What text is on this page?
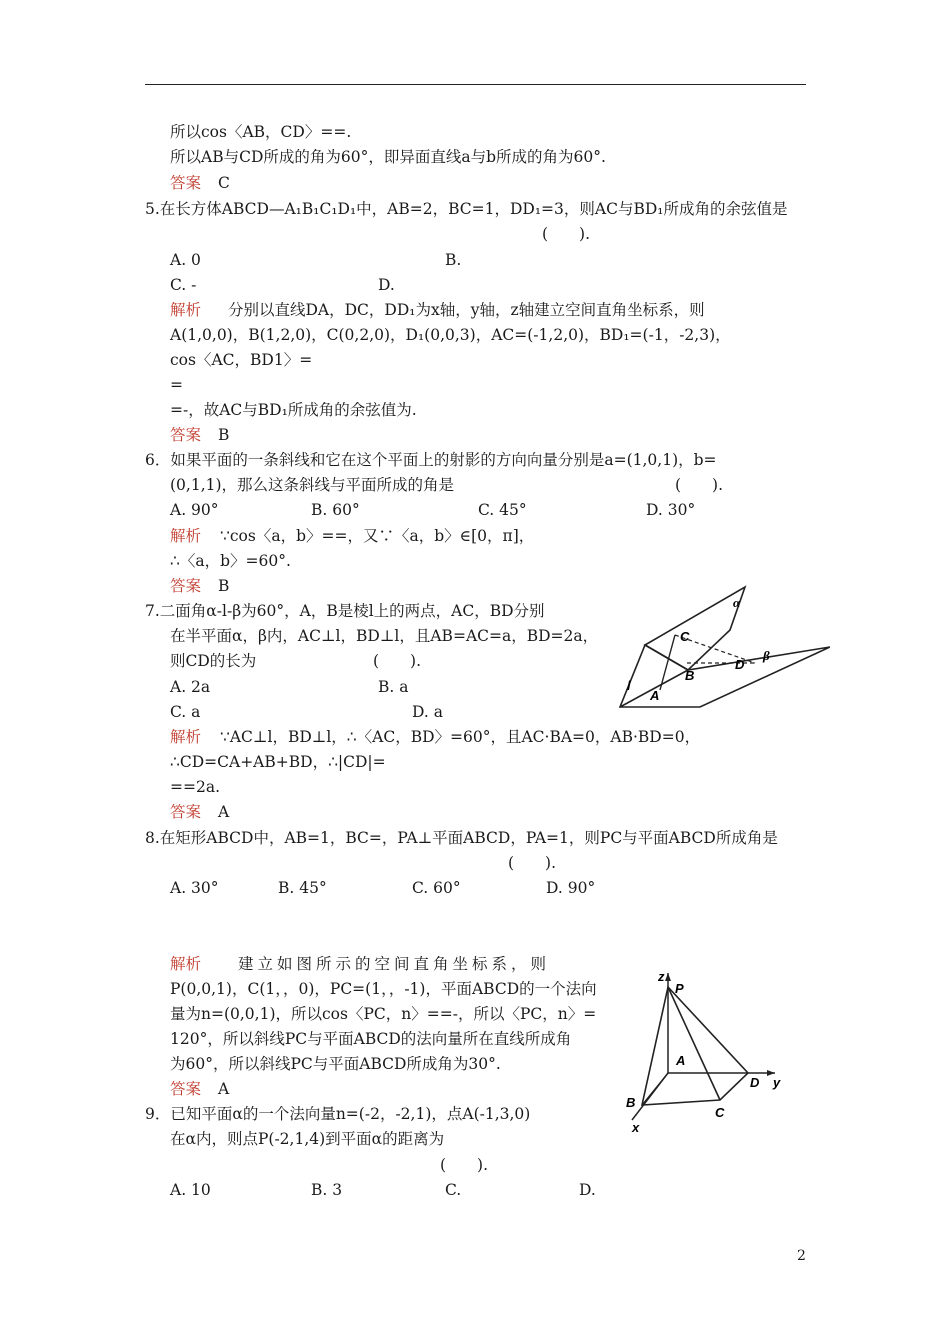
所以cos〈AB，CD〉==.
所以AB与CD所成的角为60°，即异面直线a与b所成的角为60°.
答案 C
5.在长方体ABCD—A₁B₁C₁D₁中，AB=2，BC=1，DD₁=3，则AC与BD₁所成角的余弦值是
(　　).
A. 0	B.
C. -	D.
解析 分别以直线DA，DC，DD₁为x轴，y轴，z轴建立空间直角坐标系，则
A(1,0,0)，B(1,2,0)，C(0,2,0)，D₁(0,0,3)，AC=(-1,2,0)，BD₁=(-1，-2,3)，
cos〈AC，BD1〉=
=
=-，故AC与BD₁所成角的余弦值为.
答案 B
6．如果平面的一条斜线和它在这个平面上的射影的方向向量分别是a=(1,0,1)，b=
(0,1,1)，那么这条斜线与平面所成的角是	(　　).
A. 90°	B. 60°	C. 45°	D. 30°
解析 ∵cos〈a，b〉==，又∵〈a，b〉∈[0，π]，
∴〈a，b〉=60°.
答案 B
7.二面角α-l-β为60°，A，B是棱l上的两点，AC，BD分别
在半平面α，β内，AC⊥l，BD⊥l，且AB=AC=a，BD=2a，
则CD的长为	(　　).
A. 2a	B. a
C. a	D. a
解析 ∵AC⊥l，BD⊥l，∴〈AC，BD〉=60°，且AC·BA=0，AB·BD=0，
∴CD=CA+AB+BD，∴|CD|=
==2a.
答案 A
α
β
C
D
B
A
l
8.在矩形ABCD中，AB=1，BC=，PA⊥平面ABCD，PA=1，则PC与平面ABCD所成角是
(　　).
A. 30°	B. 45°	C. 60°	D. 90°
解析 建立如图所示的空间直角坐标系，则
P(0,0,1)，C(1，，0)，PC=(1，，-1)，平面ABCD的一个法向
量为n=(0,0,1)，所以cos〈PC，n〉==-，所以〈PC，n〉=
120°，所以斜线PC与平面ABCD的法向量所在直线所成角
为60°，所以斜线PC与平面ABCD所成角为30°.
答案 A
z
P
A
D y
B
C
x
9．已知平面α的一个法向量n=(-2，-2,1)，点A(-1,3,0)
在α内，则点P(-2,1,4)到平面α的距离为
(　　).
A. 10	B. 3	C.	D.
2
